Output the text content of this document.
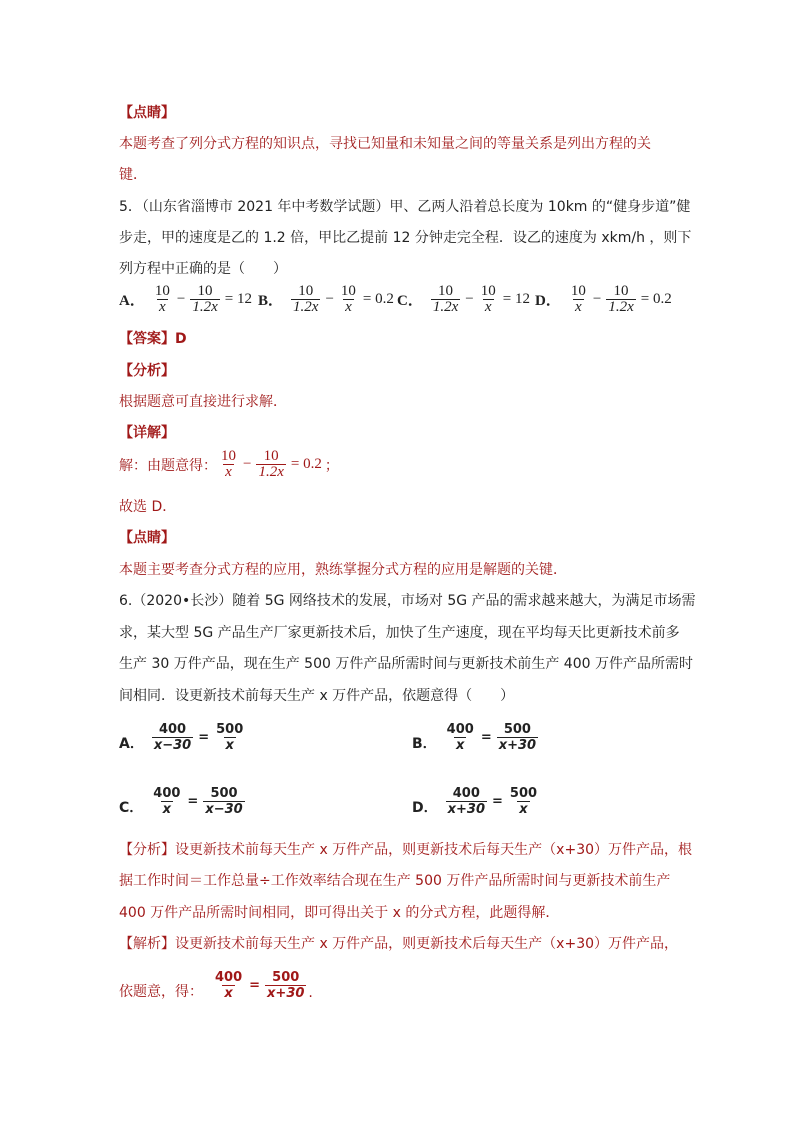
【点睛】
本题考查了列分式方程的知识点，寻找已知量和未知量之间的等量关系是列出方程的关
键．
5．（山东省淄博市 2021 年中考数学试题）甲、乙两人沿着总长度为 10km 的“健身步道”健
步走，甲的速度是乙的 1.2 倍，甲比乙提前 12 分钟走完全程．设乙的速度为 xkm/h ，则下
列方程中正确的是（　　）
A． $\frac{10}{x} - \frac{10}{1.2x} = 12$ B． $\frac{10}{1.2x} - \frac{10}{x} = 0.2$ C． $\frac{10}{1.2x} - \frac{10}{x} = 12$ D． $\frac{10}{x} - \frac{10}{1.2x} = 0.2$
【答案】D
【分析】
根据题意可直接进行求解．
【详解】
解：由题意得： $\frac{10}{x} - \frac{10}{1.2x} = 0.2$ ；
故选 D．
【点睛】
本题主要考查分式方程的应用，熟练掌握分式方程的应用是解题的关键．
6.（2020•长沙）随着 5G 网络技术的发展，市场对 5G 产品的需求越来越大，为满足市场需
求，某大型 5G 产品生产厂家更新技术后，加快了生产速度，现在平均每天比更新技术前多
生产 30 万件产品，现在生产 500 万件产品所需时间与更新技术前生产 400 万件产品所需时
间相同．设更新技术前每天生产 x 万件产品，依题意得（　　）
A． $\frac{400}{x-30} = \frac{500}{x}$	B． $\frac{400}{x} = \frac{500}{x+30}$
C． $\frac{400}{x} = \frac{500}{x-30}$	D． $\frac{400}{x+30} = \frac{500}{x}$
【分析】设更新技术前每天生产 x 万件产品，则更新技术后每天生产（x+30）万件产品，根
据工作时间＝工作总量÷工作效率结合现在生产 500 万件产品所需时间与更新技术前生产
400 万件产品所需时间相同，即可得出关于 x 的分式方程，此题得解．
【解析】设更新技术前每天生产 x 万件产品，则更新技术后每天生产（x+30）万件产品，
依题意，得： $\frac{400}{x} = \frac{500}{x+30}$ .
